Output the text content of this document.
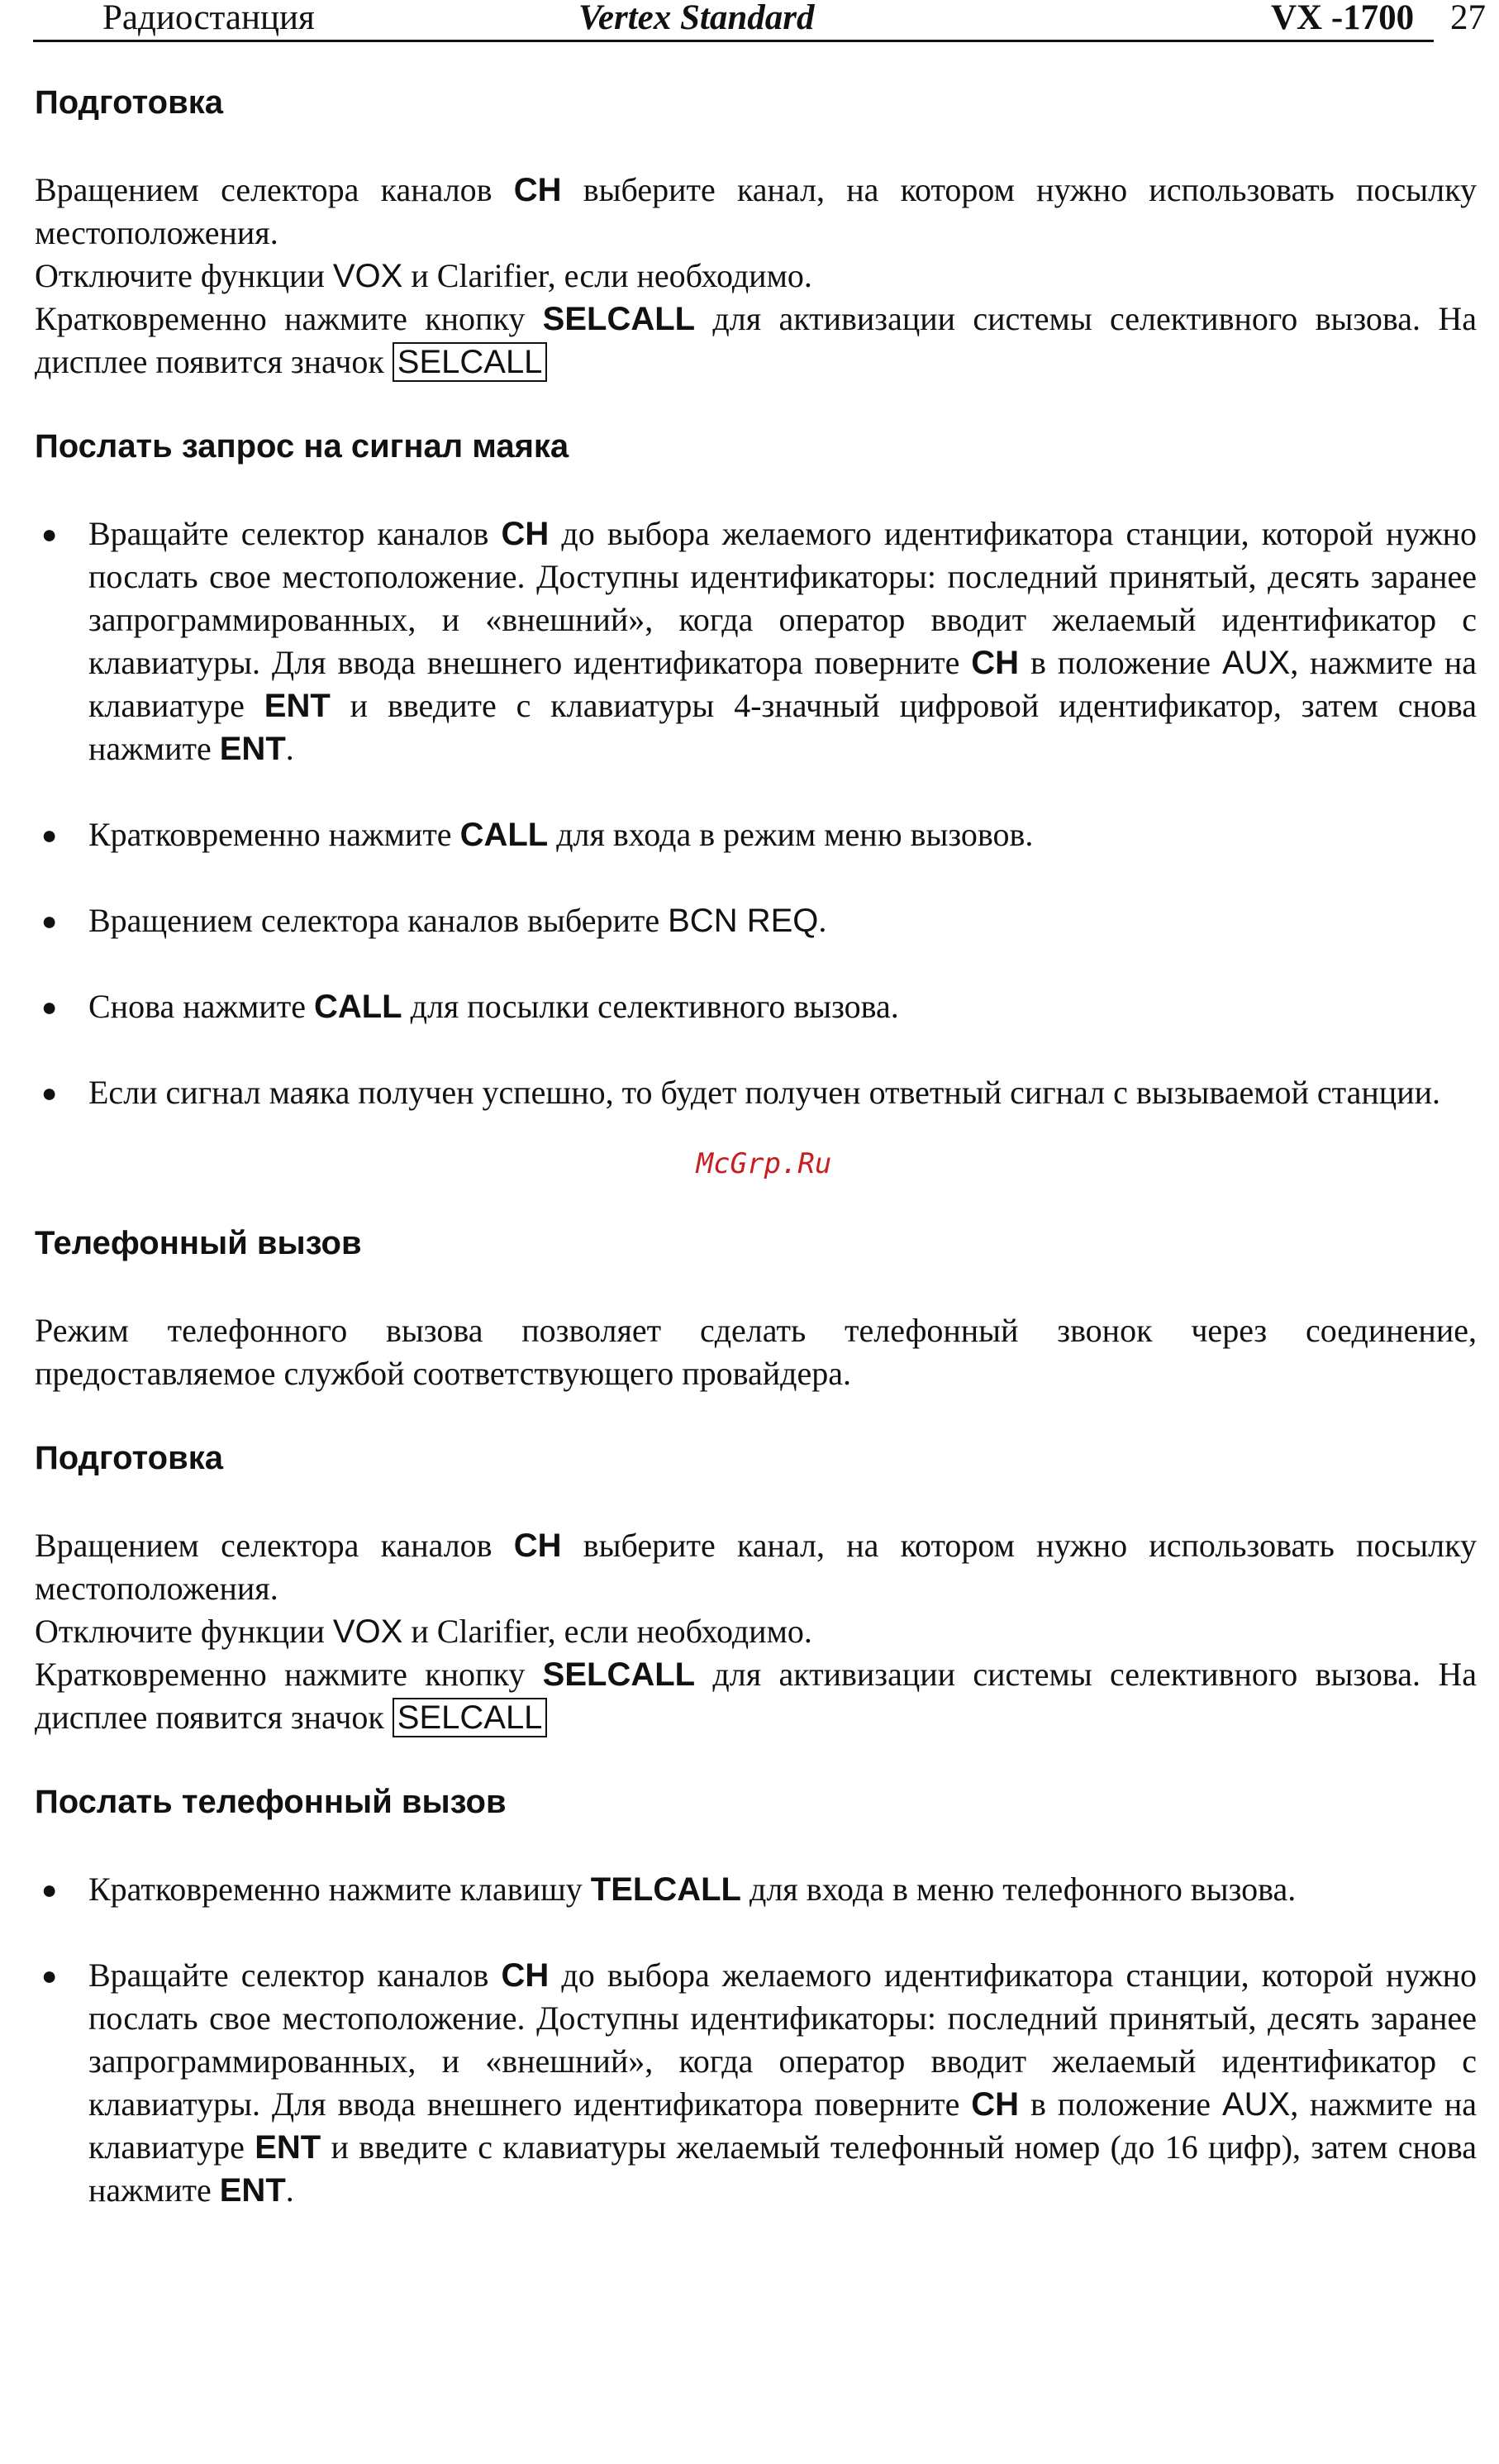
Радиостанция	Vertex Standard	VX -1700 27
Подготовка

Вращением селектора каналов CH выберите канал, на котором нужно использовать посылку местоположения.

Отключите функции VOX и Clarifier, если необходимо.

Кратковременно нажмите кнопку SELCALL для активизации системы селективного вызова. На дисплее появится значок SELCALL

Послать запрос на сигнал маяка
● Вращайте селектор каналов CH до выбора желаемого идентификатора станции, которой нужно послать свое местоположение. Доступны идентификаторы: последний принятый, десять заранее запрограммированных, и «внешний», когда оператор вводит желаемый идентификатор с клавиатуры. Для ввода внешнего идентификатора поверните CH в положение AUX, нажмите на клавиатуре ENT и введите с клавиатуры 4-значный цифровой идентификатор, затем снова нажмите ENT.
● Кратковременно нажмите CALL для входа в режим меню вызовов.
● Вращением селектора каналов выберите BCN REQ.
● Снова нажмите CALL для посылки селективного вызова.
● Если сигнал маяка получен успешно, то будет получен ответный сигнал с вызываемой станции.
McGrp.Ru
Телефонный вызов
Режим телефонного вызова позволяет сделать телефонный звонок через соединение, предоставляемое службой соответствующего провайдера.
Подготовка

Вращением селектора каналов CH выберите канал, на котором нужно использовать посылку местоположения.

Отключите функции VOX и Clarifier, если необходимо.

Кратковременно нажмите кнопку SELCALL для активизации системы селективного вызова. На дисплее появится значок SELCALL

Послать телефонный вызов
● Кратковременно нажмите клавишу TELCALL для входа в меню телефонного вызова.
● Вращайте селектор каналов CH до выбора желаемого идентификатора станции, которой нужно послать свое местоположение. Доступны идентификаторы: последний принятый, десять заранее запрограммированных, и «внешний», когда оператор вводит желаемый идентификатор с клавиатуры. Для ввода внешнего идентификатора поверните CH в положение AUX, нажмите на клавиатуре ENT и введите с клавиатуры желаемый телефонный номер (до 16 цифр), затем снова нажмите ENT.
